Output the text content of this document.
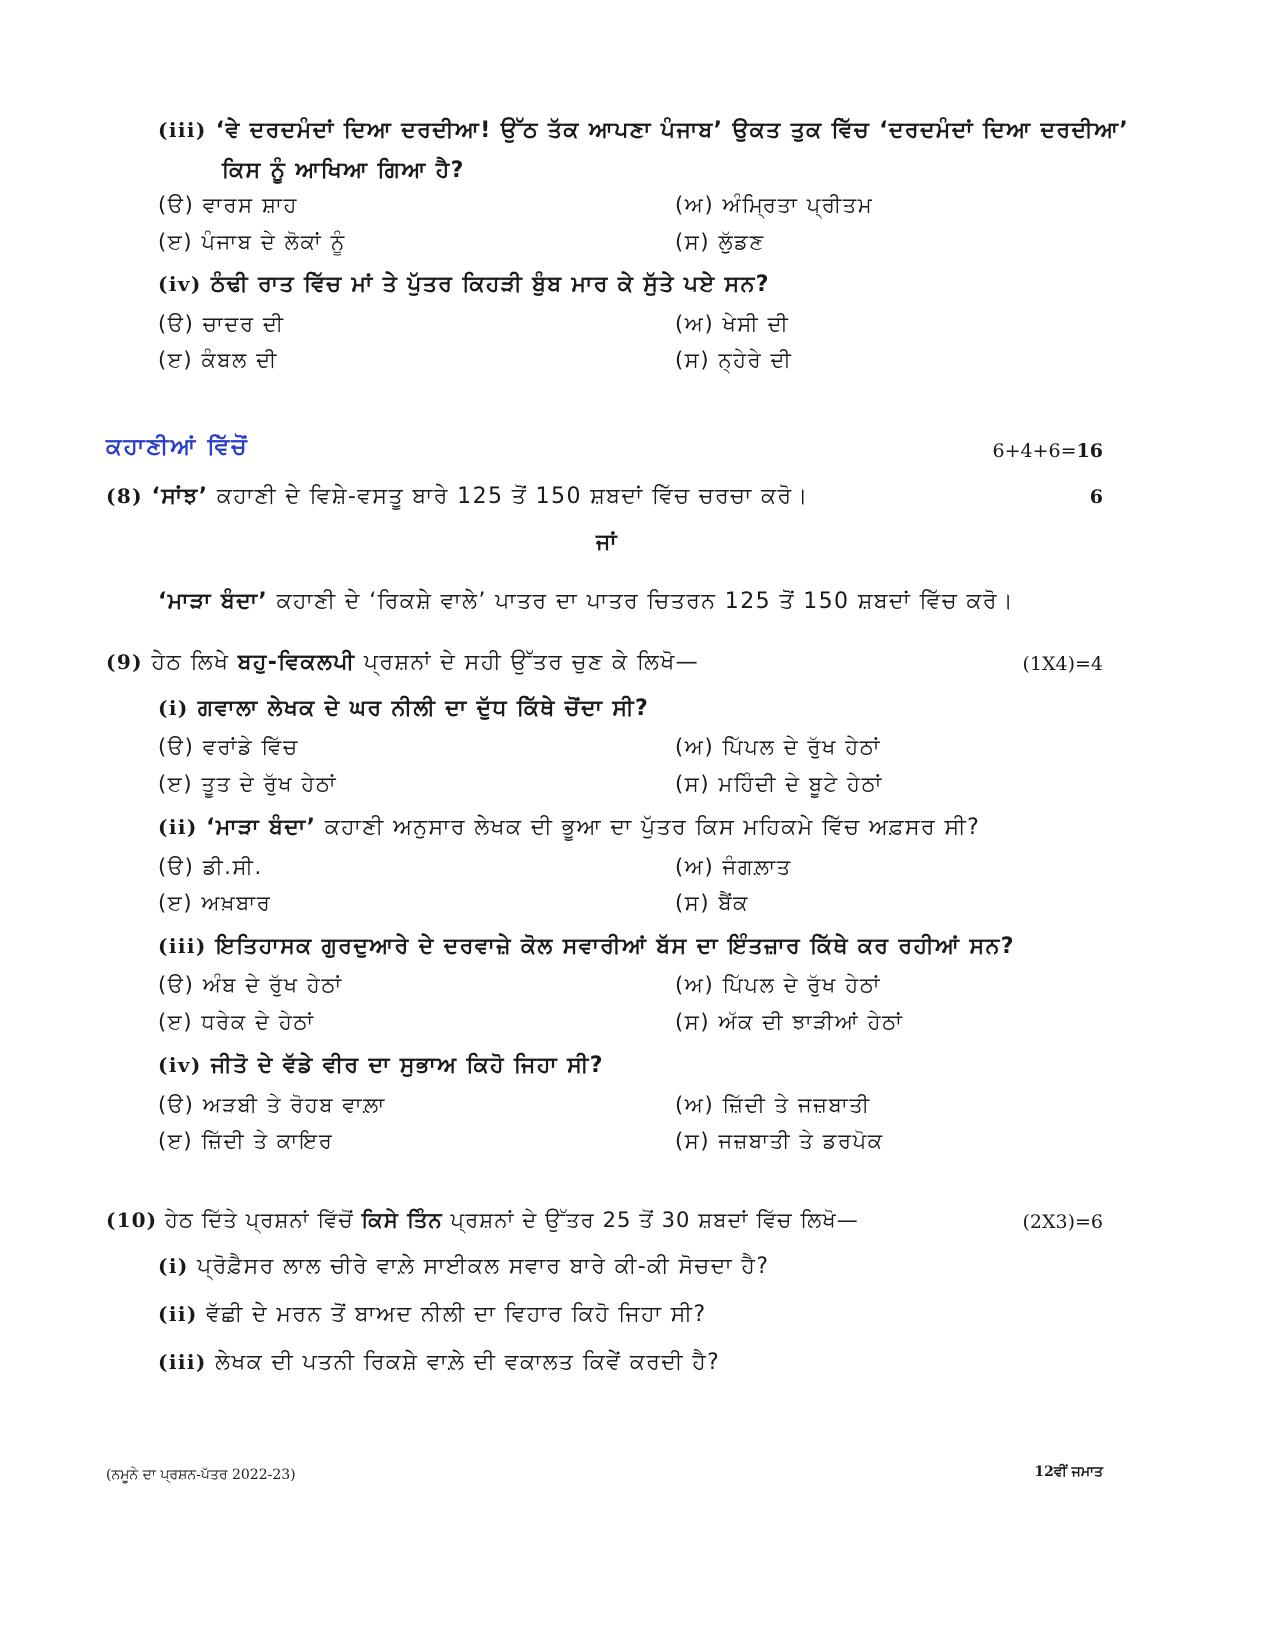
(iii) ‘ਵੇ ਦਰਦਮੰਦਾਂ ਦਿਆ ਦਰਦੀਆ! ਉੱਠ ਤੱਕ ਆਪਣਾ ਪੰਜਾਬ’ ਉਕਤ ਤੁਕ ਵਿੱਚ ‘ਦਰਦਮੰਦਾਂ ਦਿਆ ਦਰਦੀਆ’
ਕਿਸ ਨੂੰ ਆਖਿਆ ਗਿਆ ਹੈ?
(ੳ) ਵਾਰਸ ਸ਼ਾਹ	(ਅ) ਅੰਮ੍ਰਿਤਾ ਪ੍ਰੀਤਮ
(ੲ) ਪੰਜਾਬ ਦੇ ਲੋਕਾਂ ਨੂੰ	(ਸ) ਲੁੱਡਣ
(iv) ਠੰਢੀ ਰਾਤ ਵਿੱਚ ਮਾਂ ਤੇ ਪੁੱਤਰ ਕਿਹੜੀ ਬੁੰਬ ਮਾਰ ਕੇ ਸੁੱਤੇ ਪਏ ਸਨ?
(ੳ) ਚਾਦਰ ਦੀ	(ਅ) ਖੇਸੀ ਦੀ
(ੲ) ਕੰਬਲ ਦੀ	(ਸ) ਨ੍ਹੇਰੇ ਦੀ
ਕਹਾਣੀਆਂ ਵਿੱਚੋਂ	6+4+6=16
(8) ‘ਸਾਂਝ’ ਕਹਾਣੀ ਦੇ ਵਿਸ਼ੇ-ਵਸਤੂ ਬਾਰੇ 125 ਤੋਂ 150 ਸ਼ਬਦਾਂ ਵਿੱਚ ਚਰਚਾ ਕਰੋ।	6
ਜਾਂ
‘ਮਾੜਾ ਬੰਦਾ’ ਕਹਾਣੀ ਦੇ ‘ਰਿਕਸ਼ੇ ਵਾਲੇ’ ਪਾਤਰ ਦਾ ਪਾਤਰ ਚਿਤਰਨ 125 ਤੋਂ 150 ਸ਼ਬਦਾਂ ਵਿੱਚ ਕਰੋ।
(9) ਹੇਠ ਲਿਖੇ ਬਹੁ-ਵਿਕਲਪੀ ਪ੍ਰਸ਼ਨਾਂ ਦੇ ਸਹੀ ਉੱਤਰ ਚੁਣ ਕੇ ਲਿਖੋ—	(1X4)=4
(i) ਗਵਾਲਾ ਲੇਖਕ ਦੇ ਘਰ ਨੀਲੀ ਦਾ ਦੁੱਧ ਕਿੱਥੇ ਚੋਂਦਾ ਸੀ?
(ੳ) ਵਰਾਂਡੇ ਵਿੱਚ	(ਅ) ਪਿੱਪਲ ਦੇ ਰੁੱਖ ਹੇਠਾਂ
(ੲ) ਤੂਤ ਦੇ ਰੁੱਖ ਹੇਠਾਂ	(ਸ) ਮਹਿੰਦੀ ਦੇ ਬੂਟੇ ਹੇਠਾਂ
(ii) ‘ਮਾੜਾ ਬੰਦਾ’ ਕਹਾਣੀ ਅਨੁਸਾਰ ਲੇਖਕ ਦੀ ਭੂਆ ਦਾ ਪੁੱਤਰ ਕਿਸ ਮਹਿਕਮੇ ਵਿੱਚ ਅਫ਼ਸਰ ਸੀ?
(ੳ) ਡੀ.ਸੀ.	(ਅ) ਜੰਗਲ਼ਾਤ
(ੲ) ਅਖ਼ਬਾਰ	(ਸ) ਬੈਂਕ
(iii) ਇਤਿਹਾਸਕ ਗੁਰਦੁਆਰੇ ਦੇ ਦਰਵਾਜ਼ੇ ਕੋਲ ਸਵਾਰੀਆਂ ਬੱਸ ਦਾ ਇੰਤਜ਼ਾਰ ਕਿੱਥੇ ਕਰ ਰਹੀਆਂ ਸਨ?
(ੳ) ਅੰਬ ਦੇ ਰੁੱਖ ਹੇਠਾਂ	(ਅ) ਪਿੱਪਲ ਦੇ ਰੁੱਖ ਹੇਠਾਂ
(ੲ) ਧਰੇਕ ਦੇ ਹੇਠਾਂ	(ਸ) ਅੱਕ ਦੀ ਝਾੜੀਆਂ ਹੇਠਾਂ
(iv) ਜੀਤੋ ਦੇ ਵੱਡੇ ਵੀਰ ਦਾ ਸੁਭਾਅ ਕਿਹੋ ਜਿਹਾ ਸੀ?
(ੳ) ਅੜਬੀ ਤੇ ਰੋਹਬ ਵਾਲ਼ਾ	(ਅ) ਜ਼ਿੱਦੀ ਤੇ ਜਜ਼ਬਾਤੀ
(ੲ) ਜ਼ਿੱਦੀ ਤੇ ਕਾਇਰ	(ਸ) ਜਜ਼ਬਾਤੀ ਤੇ ਡਰਪੋਕ
(10) ਹੇਠ ਦਿੱਤੇ ਪ੍ਰਸ਼ਨਾਂ ਵਿੱਚੋਂ ਕਿਸੇ ਤਿੰਨ ਪ੍ਰਸ਼ਨਾਂ ਦੇ ਉੱਤਰ 25 ਤੋਂ 30 ਸ਼ਬਦਾਂ ਵਿੱਚ ਲਿਖੋ—	(2X3)=6
(i) ਪ੍ਰੋਫ਼ੈਸਰ ਲਾਲ ਚੀਰੇ ਵਾਲ਼ੇ ਸਾਈਕਲ ਸਵਾਰ ਬਾਰੇ ਕੀ-ਕੀ ਸੋਚਦਾ ਹੈ?
(ii) ਵੱਛੀ ਦੇ ਮਰਨ ਤੋਂ ਬਾਅਦ ਨੀਲੀ ਦਾ ਵਿਹਾਰ ਕਿਹੋ ਜਿਹਾ ਸੀ?
(iii) ਲੇਖਕ ਦੀ ਪਤਨੀ ਰਿਕਸ਼ੇ ਵਾਲ਼ੇ ਦੀ ਵਕਾਲਤ ਕਿਵੇਂ ਕਰਦੀ ਹੈ?
(ਨਮੂਨੇ ਦਾ ਪ੍ਰਸ਼ਨ-ਪੱਤਰ 2022-23)	12ਵੀਂ ਜਮਾਤ
